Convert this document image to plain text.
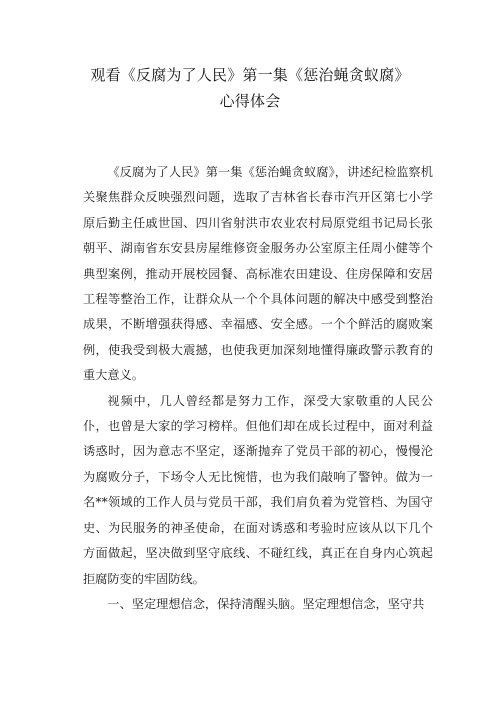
观看《反腐为了人民》第一集《惩治蝇贪蚁腐》
心得体会

《反腐为了人民》第一集《惩治蝇贪蚁腐》，讲述纪检监察机关聚焦群众反映强烈问题，选取了吉林省长春市汽开区第七小学原后勤主任戚世国、四川省射洪市农业农村局原党组书记局长张朝平、湖南省东安县房屋维修资金服务办公室原主任周小健等个典型案例，推动开展校园餐、高标准农田建设、住房保障和安居工程等整治工作，让群众从一个个具体问题的解决中感受到整治成果，不断增强获得感、幸福感、安全感。一个个鲜活的腐败案例，使我受到极大震撼，也使我更加深刻地懂得廉政警示教育的重大意义。

视频中，几人曾经都是努力工作，深受大家敬重的人民公仆，也曾是大家的学习榜样。但他们却在成长过程中，面对利益诱惑时，因为意志不坚定，逐渐抛弃了党员干部的初心，慢慢沦为腐败分子，下场令人无比惋惜，也为我们敲响了警钟。做为一名**领域的工作人员与党员干部，我们肩负着为党管档、为国守史、为民服务的神圣使命，在面对诱惑和考验时应该从以下几个方面做起，坚决做到坚守底线、不碰红线，真正在自身内心筑起拒腐防变的牢固防线。

一、坚定理想信念，保持清醒头脑。坚定理想信念，坚守共
